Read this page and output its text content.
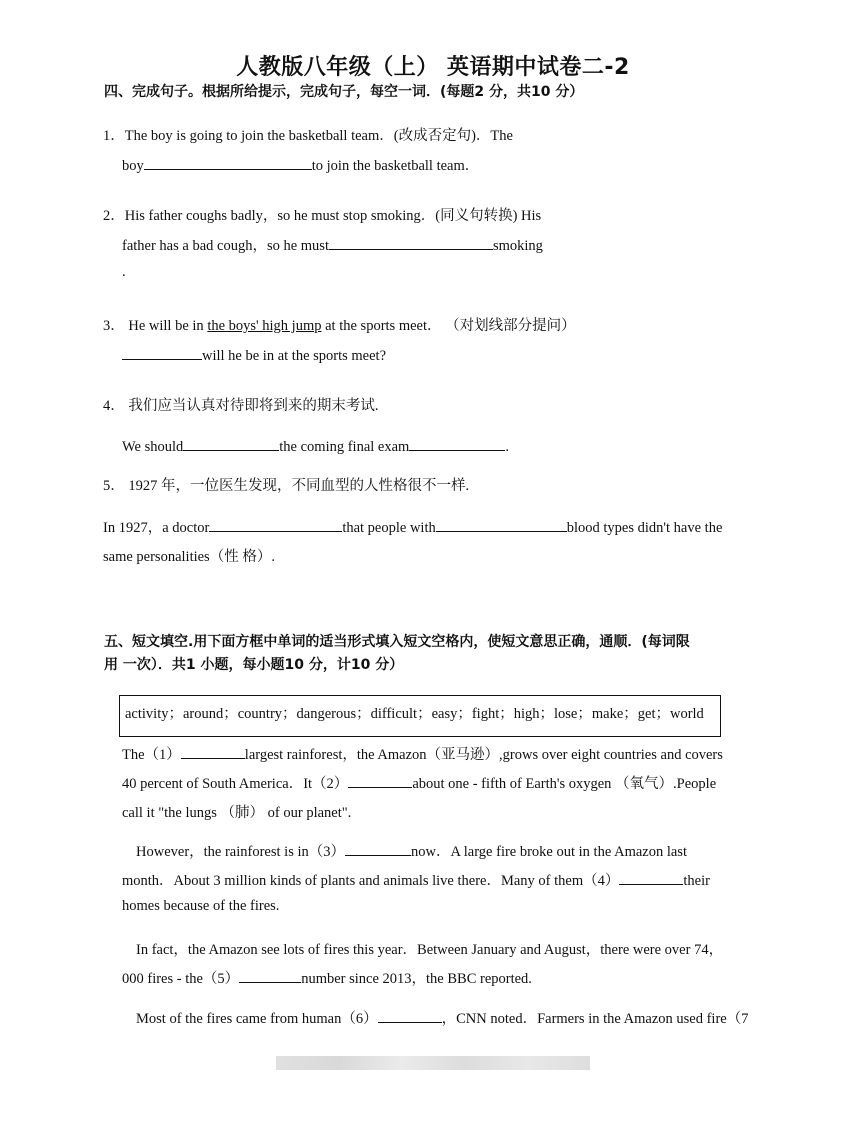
人教版八年级（上） 英语期中试卷二-2
四、完成句子。根据所给提示，完成句子，每空一词．(每题2 分，共10 分）
1．The boy is going to join the basketball team．(改成否定句)．The
boy	to join the basketball team．
2．His father coughs badly，so he must stop smoking．(同义句转换) His
father has a bad cough，so he must	smoking
.
3． He will be in the boys' high jump at the sports meet． （对划线部分提问）
will he be in at the sports meet?
4． 我们应当认真对待即将到来的期末考试.
We should	the coming final exam	.
5． 1927 年，一位医生发现，不同血型的人性格很不一样.
In 1927，a doctor	that people with	blood types didn't have the
same personalities（性 格）.
五、短文填空.用下面方框中单词的适当形式填入短文空格内，使短文意思正确，通顺．(每词限
用 一次）．共1 小题，每小题10 分，计10 分）
activity；around；country；dangerous；difficult；easy；fight；high；lose；make；get；world
The（1）	largest rainforest，the Amazon（亚马逊）,grows over eight countries and covers
40 percent of South America．It（2）	about one - fifth of Earth's oxygen （氧气）.People
call it "the lungs （肺） of our planet".
However，the rainforest is in（3）	now．A large fire broke out in the Amazon last
month．About 3 million kinds of plants and animals live there．Many of them（4）	their
homes because of the fires.
In fact，the Amazon see lots of fires this year．Between January and August，there were over 74，
000 fires - the（5）	number since 2013，the BBC reported.
Most of the fires came from human（6）	，CNN noted．Farmers in the Amazon used fire（7
